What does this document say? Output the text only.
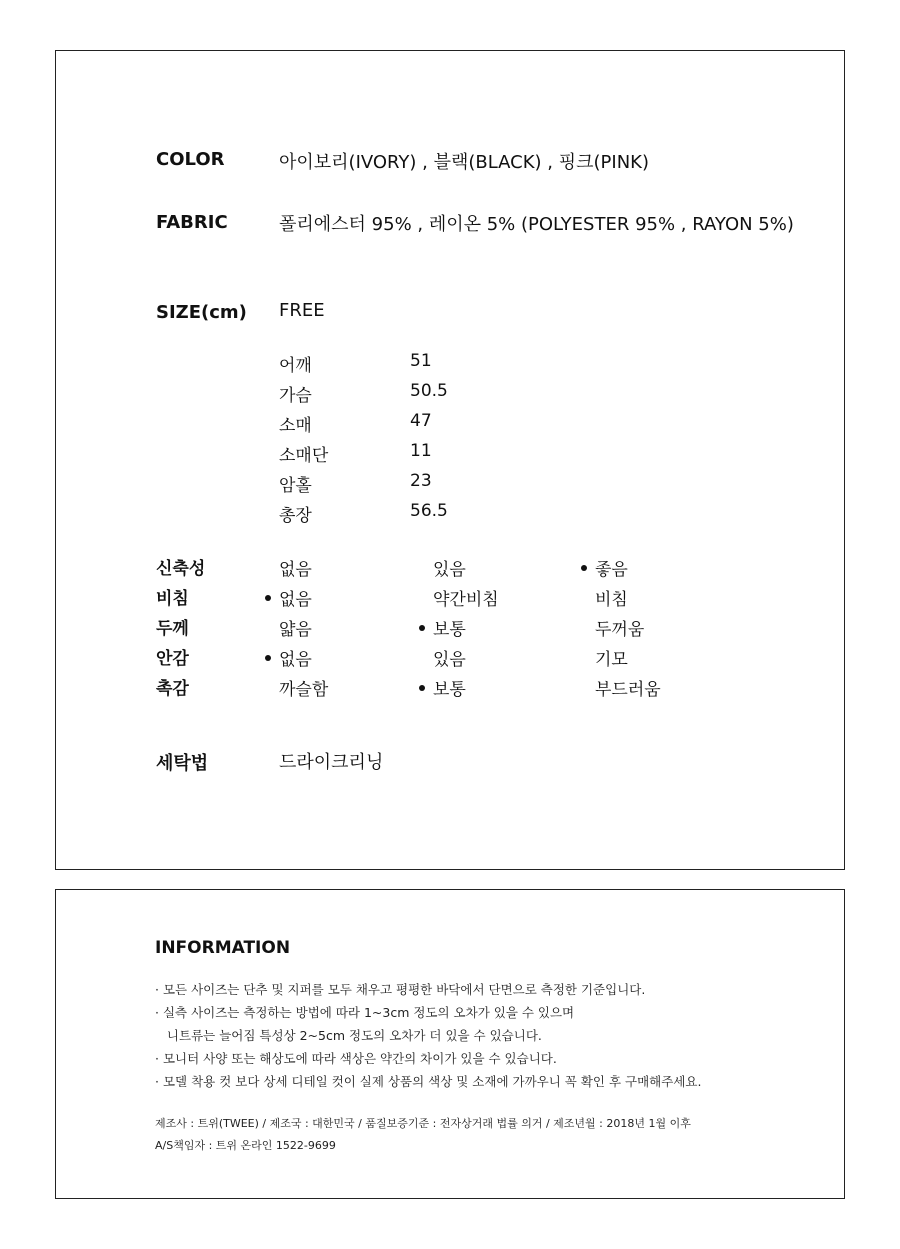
COLOR	아이보리(IVORY) , 블랙(BLACK) , 핑크(PINK)
FABRIC	폴리에스터 95% , 레이온 5% (POLYESTER 95% , RAYON 5%)
SIZE(cm) FREE
어깨	51
가슴	50.5
소매	47
소매단	11
암홀	23
총장	56.5
신축성	없음	있음	좋음
비침	없음	약간비침	비침
두께	얇음	보통	두꺼움
안감	없음	있음	기모
촉감	까슬함	보통	부드러움
세탁법	드라이크리닝
INFORMATION
· 모든 사이즈는 단추 및 지퍼를 모두 채우고 평평한 바닥에서 단면으로 측정한 기준입니다.
· 실측 사이즈는 측정하는 방법에 따라 1~3cm 정도의 오차가 있을 수 있으며
니트류는 늘어짐 특성상 2~5cm 정도의 오차가 더 있을 수 있습니다.
· 모니터 사양 또는 해상도에 따라 색상은 약간의 차이가 있을 수 있습니다.
· 모델 착용 컷 보다 상세 디테일 컷이 실제 상품의 색상 및 소재에 가까우니 꼭 확인 후 구매해주세요.
제조사 : 트위(TWEE) / 제조국 : 대한민국 / 품질보증기준 : 전자상거래 법률 의거 / 제조년월 : 2018년 1월 이후
A/S책임자 : 트위 온라인 1522-9699
